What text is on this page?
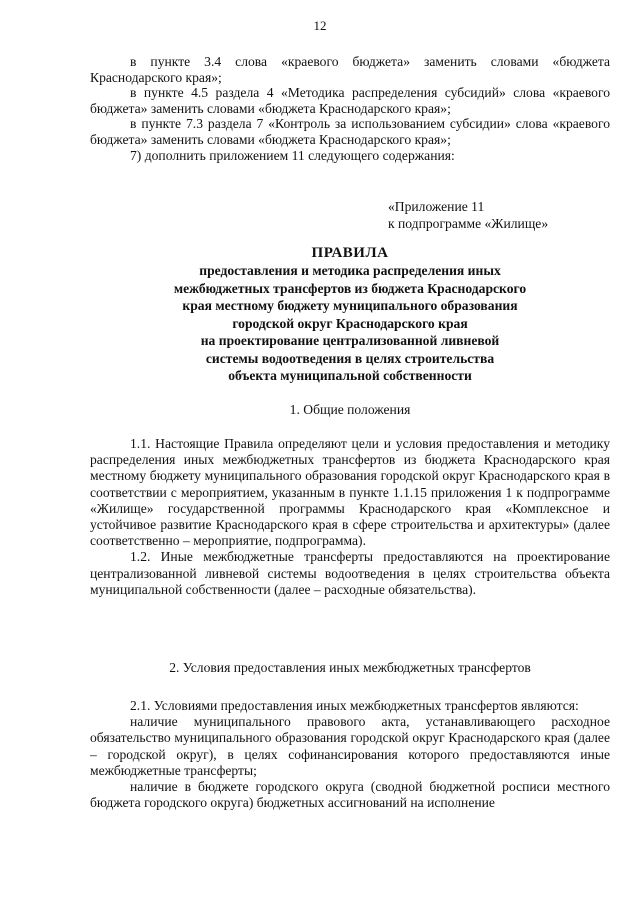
12

в пункте 3.4 слова «краевого бюджета» заменить словами «бюджета Краснодарского края»;

в пункте 4.5 раздела 4 «Методика распределения субсидий» слова «краевого бюджета» заменить словами «бюджета Краснодарского края»;

в пункте 7.3 раздела 7 «Контроль за использованием субсидии» слова «краевого бюджета» заменить словами «бюджета Краснодарского края»;

7) дополнить приложением 11 следующего содержания:

«Приложение 11
к подпрограмме «Жилище»
ПРАВИЛА
предоставления и методика распределения иных
межбюджетных трансфертов из бюджета Краснодарского
края местному бюджету муниципального образования
городской округ Краснодарского края
на проектирование централизованной ливневой
системы водоотведения в целях строительства
объекта муниципальной собственности
1. Общие положения

1.1. Настоящие Правила определяют цели и условия предоставления и методику распределения иных межбюджетных трансфертов из бюджета Краснодарского края местному бюджету муниципального образования городской округ Краснодарского края в соответствии с мероприятием, указанным в пункте 1.1.15 приложения 1 к подпрограмме «Жилище» государственной программы Краснодарского края «Комплексное и устойчивое развитие Краснодарского края в сфере строительства и архитектуры» (далее соответственно – мероприятие, подпрограмма).

1.2. Иные межбюджетные трансферты предоставляются на проектирование централизованной ливневой системы водоотведения в целях строительства объекта муниципальной собственности (далее – расходные обязательства).

2. Условия предоставления иных межбюджетных трансфертов

2.1. Условиями предоставления иных межбюджетных трансфертов являются:

наличие муниципального правового акта, устанавливающего расходное обязательство муниципального образования городской округ Краснодарского края (далее – городской округ), в целях софинансирования которого предоставляются иные межбюджетные трансферты;

наличие в бюджете городского округа (сводной бюджетной росписи местного бюджета городского округа) бюджетных ассигнований на исполнение
